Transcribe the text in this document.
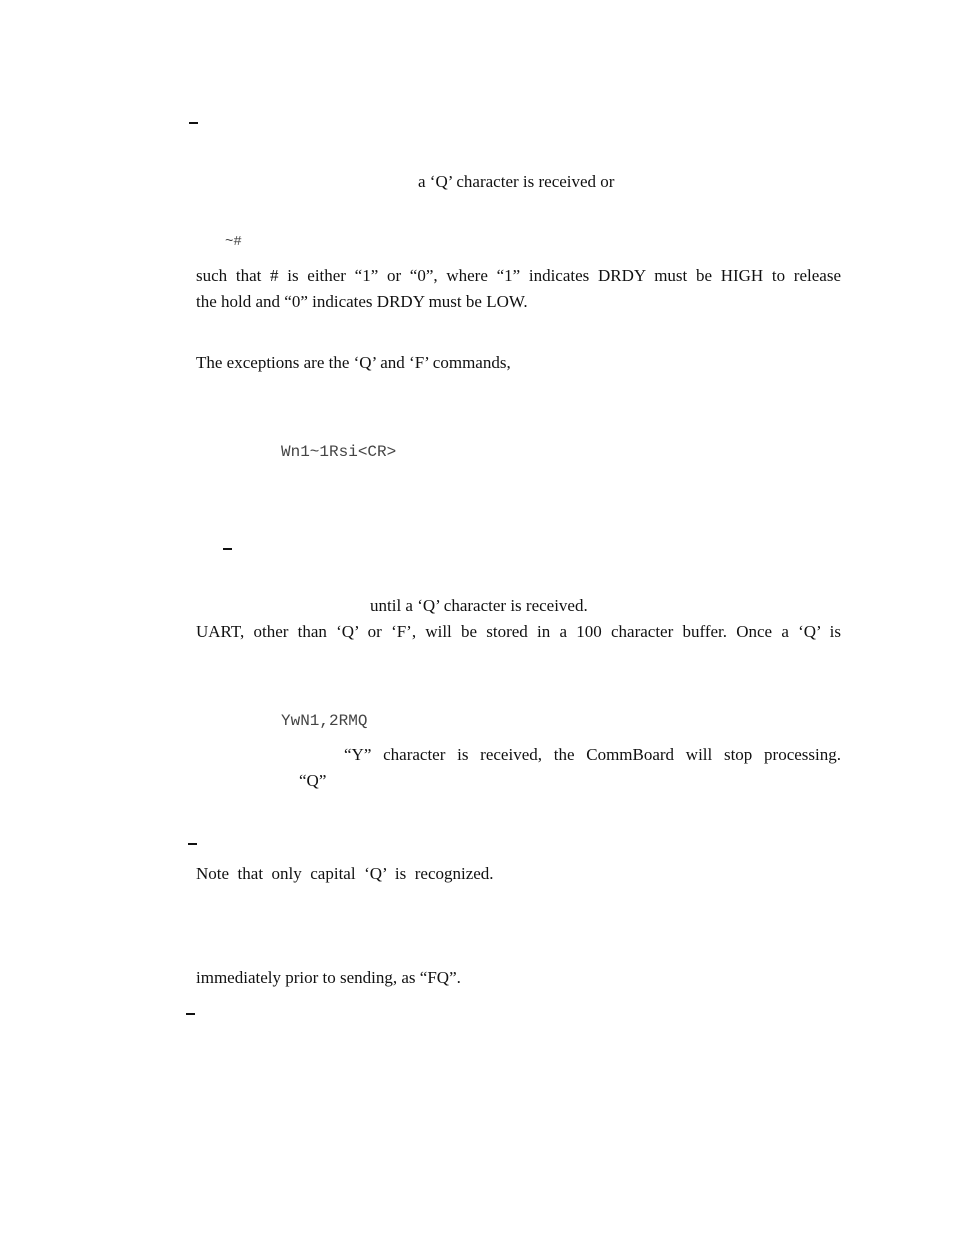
a ‘Q’ character is received or
~#
such that # is either “1” or “0”, where “1” indicates DRDY must be HIGH to release
the hold and “0” indicates DRDY must be LOW.
The exceptions are the ‘Q’ and ‘F’ commands,
Wn1~1Rsi<CR>
until a ‘Q’ character is received.
UART, other than ‘Q’ or ‘F’, will be stored in a 100 character buffer. Once a ‘Q’ is
YwN1,2RMQ
“Y” character is received, the CommBoard will stop processing.
“Q”
Note  that  only  capital  ‘Q’  is  recognized.
immediately prior to sending, as “FQ”.
